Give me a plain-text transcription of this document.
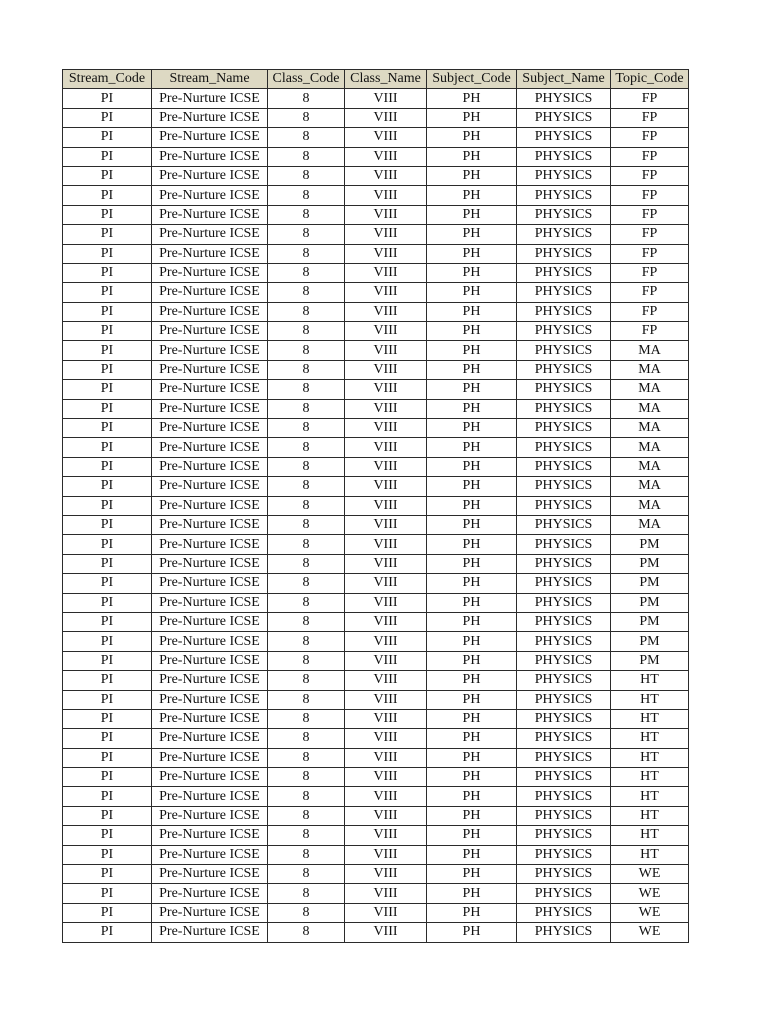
Stream_Code	Stream_Name	Class_Code	Class_Name	Subject_Code	Subject_Name	Topic_Code
PI	Pre-Nurture ICSE	8	VIII	PH	PHYSICS	FP
PI	Pre-Nurture ICSE	8	VIII	PH	PHYSICS	FP
PI	Pre-Nurture ICSE	8	VIII	PH	PHYSICS	FP
PI	Pre-Nurture ICSE	8	VIII	PH	PHYSICS	FP
PI	Pre-Nurture ICSE	8	VIII	PH	PHYSICS	FP
PI	Pre-Nurture ICSE	8	VIII	PH	PHYSICS	FP
PI	Pre-Nurture ICSE	8	VIII	PH	PHYSICS	FP
PI	Pre-Nurture ICSE	8	VIII	PH	PHYSICS	FP
PI	Pre-Nurture ICSE	8	VIII	PH	PHYSICS	FP
PI	Pre-Nurture ICSE	8	VIII	PH	PHYSICS	FP
PI	Pre-Nurture ICSE	8	VIII	PH	PHYSICS	FP
PI	Pre-Nurture ICSE	8	VIII	PH	PHYSICS	FP
PI	Pre-Nurture ICSE	8	VIII	PH	PHYSICS	FP
PI	Pre-Nurture ICSE	8	VIII	PH	PHYSICS	MA
PI	Pre-Nurture ICSE	8	VIII	PH	PHYSICS	MA
PI	Pre-Nurture ICSE	8	VIII	PH	PHYSICS	MA
PI	Pre-Nurture ICSE	8	VIII	PH	PHYSICS	MA
PI	Pre-Nurture ICSE	8	VIII	PH	PHYSICS	MA
PI	Pre-Nurture ICSE	8	VIII	PH	PHYSICS	MA
PI	Pre-Nurture ICSE	8	VIII	PH	PHYSICS	MA
PI	Pre-Nurture ICSE	8	VIII	PH	PHYSICS	MA
PI	Pre-Nurture ICSE	8	VIII	PH	PHYSICS	MA
PI	Pre-Nurture ICSE	8	VIII	PH	PHYSICS	MA
PI	Pre-Nurture ICSE	8	VIII	PH	PHYSICS	PM
PI	Pre-Nurture ICSE	8	VIII	PH	PHYSICS	PM
PI	Pre-Nurture ICSE	8	VIII	PH	PHYSICS	PM
PI	Pre-Nurture ICSE	8	VIII	PH	PHYSICS	PM
PI	Pre-Nurture ICSE	8	VIII	PH	PHYSICS	PM
PI	Pre-Nurture ICSE	8	VIII	PH	PHYSICS	PM
PI	Pre-Nurture ICSE	8	VIII	PH	PHYSICS	PM
PI	Pre-Nurture ICSE	8	VIII	PH	PHYSICS	HT
PI	Pre-Nurture ICSE	8	VIII	PH	PHYSICS	HT
PI	Pre-Nurture ICSE	8	VIII	PH	PHYSICS	HT
PI	Pre-Nurture ICSE	8	VIII	PH	PHYSICS	HT
PI	Pre-Nurture ICSE	8	VIII	PH	PHYSICS	HT
PI	Pre-Nurture ICSE	8	VIII	PH	PHYSICS	HT
PI	Pre-Nurture ICSE	8	VIII	PH	PHYSICS	HT
PI	Pre-Nurture ICSE	8	VIII	PH	PHYSICS	HT
PI	Pre-Nurture ICSE	8	VIII	PH	PHYSICS	HT
PI	Pre-Nurture ICSE	8	VIII	PH	PHYSICS	HT
PI	Pre-Nurture ICSE	8	VIII	PH	PHYSICS	WE
PI	Pre-Nurture ICSE	8	VIII	PH	PHYSICS	WE
PI	Pre-Nurture ICSE	8	VIII	PH	PHYSICS	WE
PI	Pre-Nurture ICSE	8	VIII	PH	PHYSICS	WE
